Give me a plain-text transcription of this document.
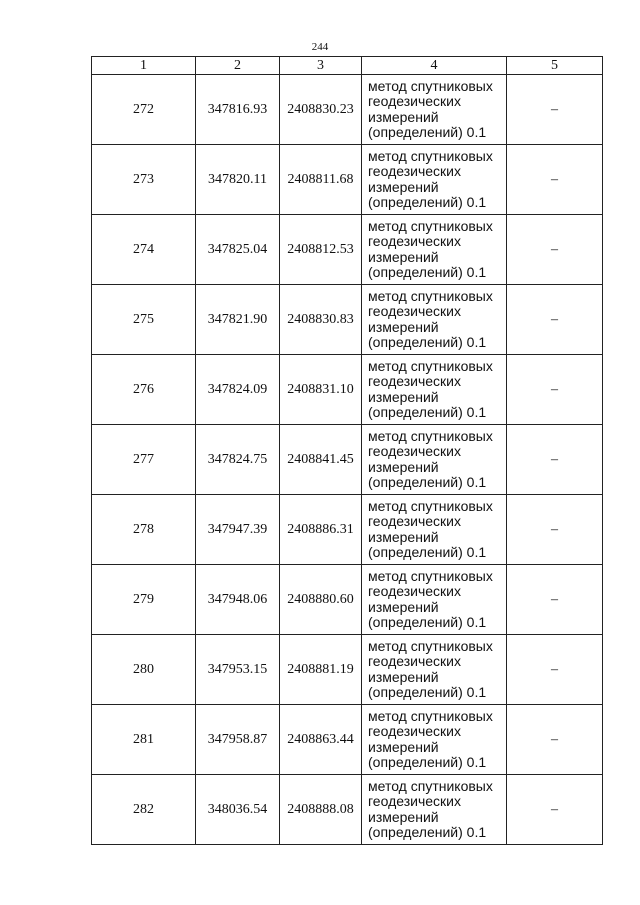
244
1	2	3	4	5
272	347816.93	2408830.23	метод спутниковых
геодезических
измерений
(определений) 0.1	–
273	347820.11	2408811.68	метод спутниковых
геодезических
измерений
(определений) 0.1	–
274	347825.04	2408812.53	метод спутниковых
геодезических
измерений
(определений) 0.1	–
275	347821.90	2408830.83	метод спутниковых
геодезических
измерений
(определений) 0.1	–
276	347824.09	2408831.10	метод спутниковых
геодезических
измерений
(определений) 0.1	–
277	347824.75	2408841.45	метод спутниковых
геодезических
измерений
(определений) 0.1	–
278	347947.39	2408886.31	метод спутниковых
геодезических
измерений
(определений) 0.1	–
279	347948.06	2408880.60	метод спутниковых
геодезических
измерений
(определений) 0.1	–
280	347953.15	2408881.19	метод спутниковых
геодезических
измерений
(определений) 0.1	–
281	347958.87	2408863.44	метод спутниковых
геодезических
измерений
(определений) 0.1	–
282	348036.54	2408888.08	метод спутниковых
геодезических
измерений
(определений) 0.1	–
